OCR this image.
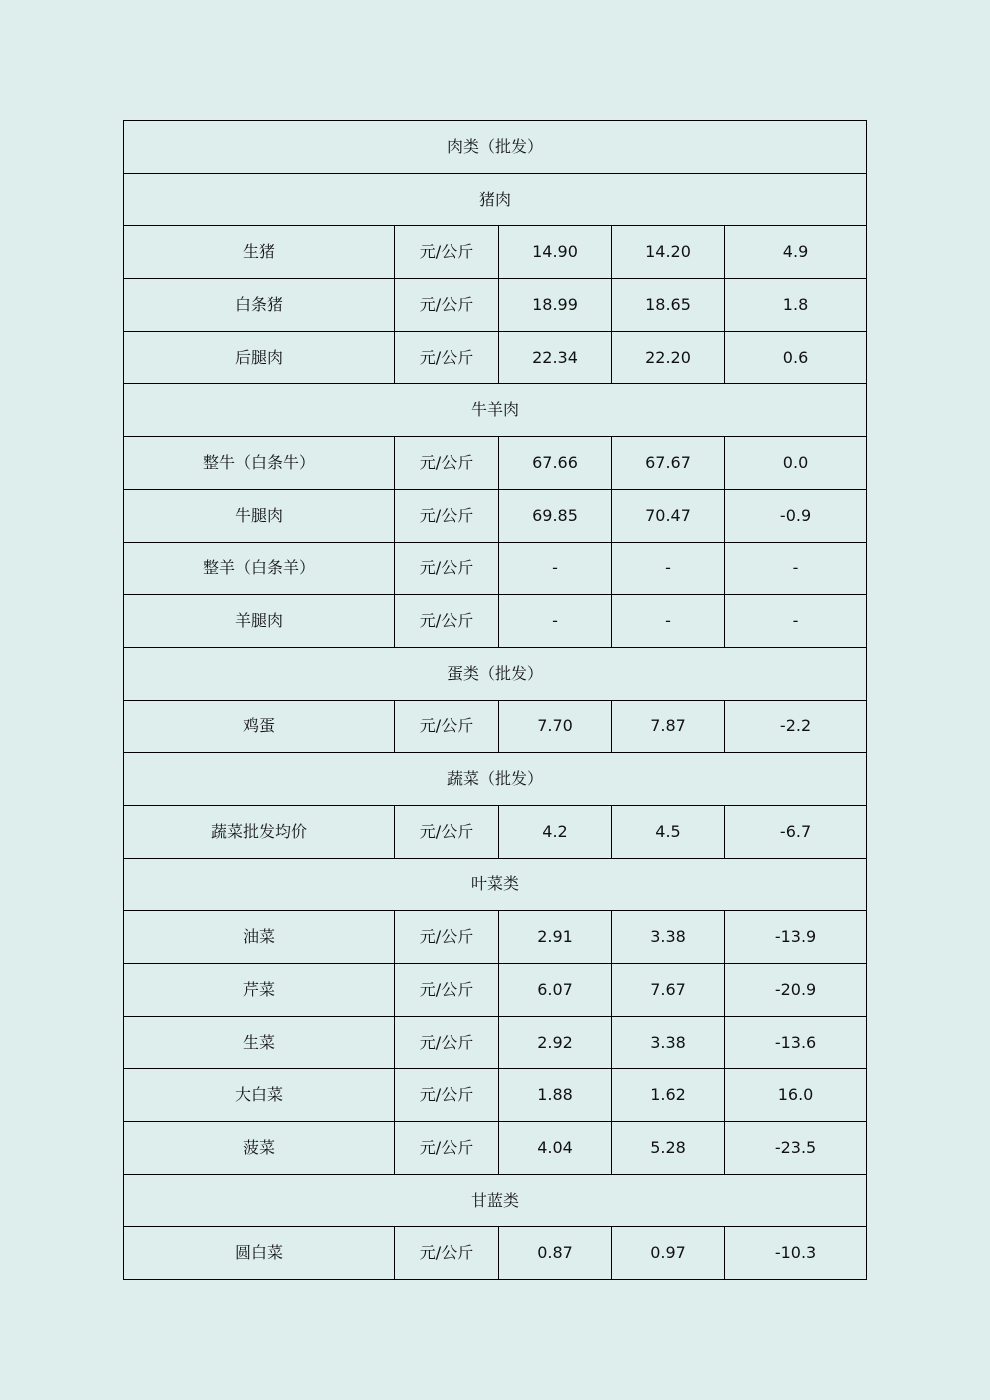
肉类（批发）				
猪肉				
生猪	元/公斤	14.90	14.20	4.9
白条猪	元/公斤	18.99	18.65	1.8
后腿肉	元/公斤	22.34	22.20	0.6
牛羊肉				
整牛（白条牛）	元/公斤	67.66	67.67	0.0
牛腿肉	元/公斤	69.85	70.47	-0.9
整羊（白条羊）	元/公斤	-	-	-
羊腿肉	元/公斤	-	-	-
蛋类（批发）				
鸡蛋	元/公斤	7.70	7.87	-2.2
蔬菜（批发）				
蔬菜批发均价	元/公斤	4.2	4.5	-6.7
叶菜类				
油菜	元/公斤	2.91	3.38	-13.9
芹菜	元/公斤	6.07	7.67	-20.9
生菜	元/公斤	2.92	3.38	-13.6
大白菜	元/公斤	1.88	1.62	16.0
菠菜	元/公斤	4.04	5.28	-23.5
甘蓝类				
圆白菜	元/公斤	0.87	0.97	-10.3
